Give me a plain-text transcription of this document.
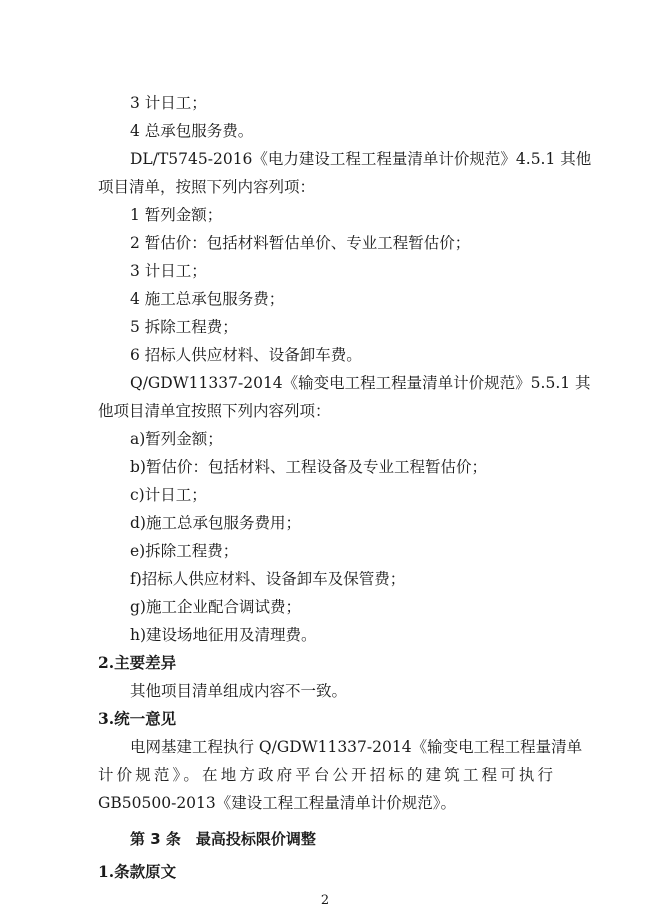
3 计日工；
4 总承包服务费。
DL/T5745-2016《电力建设工程工程量清单计价规范》4.5.1 其他
项目清单，按照下列内容列项：
1 暂列金额；
2 暂估价：包括材料暂估单价、专业工程暂估价；
3 计日工；
4 施工总承包服务费；
5 拆除工程费；
6 招标人供应材料、设备卸车费。
Q/GDW11337-2014《输变电工程工程量清单计价规范》5.5.1 其
他项目清单宜按照下列内容列项：
a)暂列金额；
b)暂估价：包括材料、工程设备及专业工程暂估价；
c)计日工；
d)施工总承包服务费用；
e)拆除工程费；
f)招标人供应材料、设备卸车及保管费；
g)施工企业配合调试费；
h)建设场地征用及清理费。
2.主要差异
其他项目清单组成内容不一致。
3.统一意见
电网基建工程执行 Q/GDW11337-2014《输变电工程工程量清单
计价规范》。在地方政府平台公开招标的建筑工程可执行
GB50500-2013《建设工程工程量清单计价规范》。
第 3 条　最高投标限价调整
1.条款原文
2
